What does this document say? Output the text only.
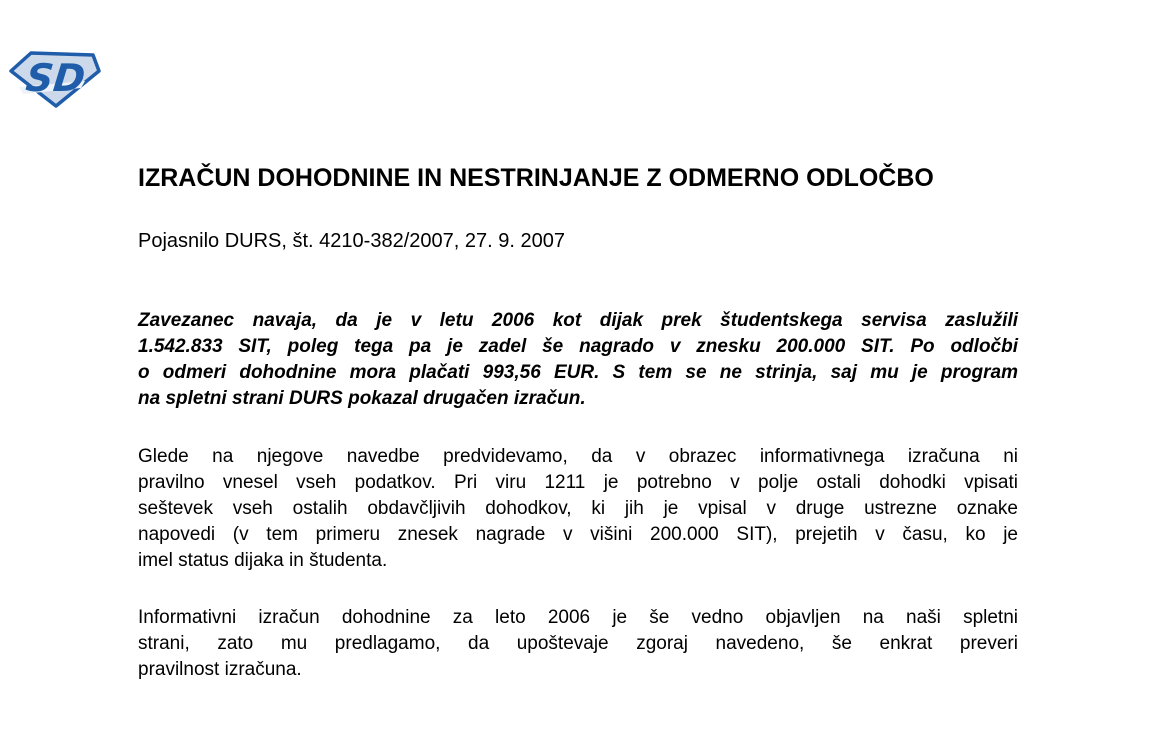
SD
IZRAČUN DOHODNINE IN NESTRINJANJE Z ODMERNO ODLOČBO

Pojasnilo DURS, št. 4210-382/2007, 27. 9. 2007

Zavezanec navaja, da je v letu 2006 kot dijak prek študentskega servisa zaslužili
1.542.833 SIT, poleg tega pa je zadel še nagrado v znesku 200.000 SIT. Po odločbi
o odmeri dohodnine mora plačati 993,56 EUR. S tem se ne strinja, saj mu je program
na spletni strani DURS pokazal drugačen izračun.
Glede na njegove navedbe predvidevamo, da v obrazec informativnega izračuna ni
pravilno vnesel vseh podatkov. Pri viru 1211 je potrebno v polje ostali dohodki vpisati
seštevek vseh ostalih obdavčljivih dohodkov, ki jih je vpisal v druge ustrezne oznake
napovedi (v tem primeru znesek nagrade v višini 200.000 SIT), prejetih v času, ko je
imel status dijaka in študenta.
Informativni izračun dohodnine za leto 2006 je še vedno objavljen na naši spletni
strani, zato mu predlagamo, da upoštevaje zgoraj navedeno, še enkrat preveri
pravilnost izračuna.
